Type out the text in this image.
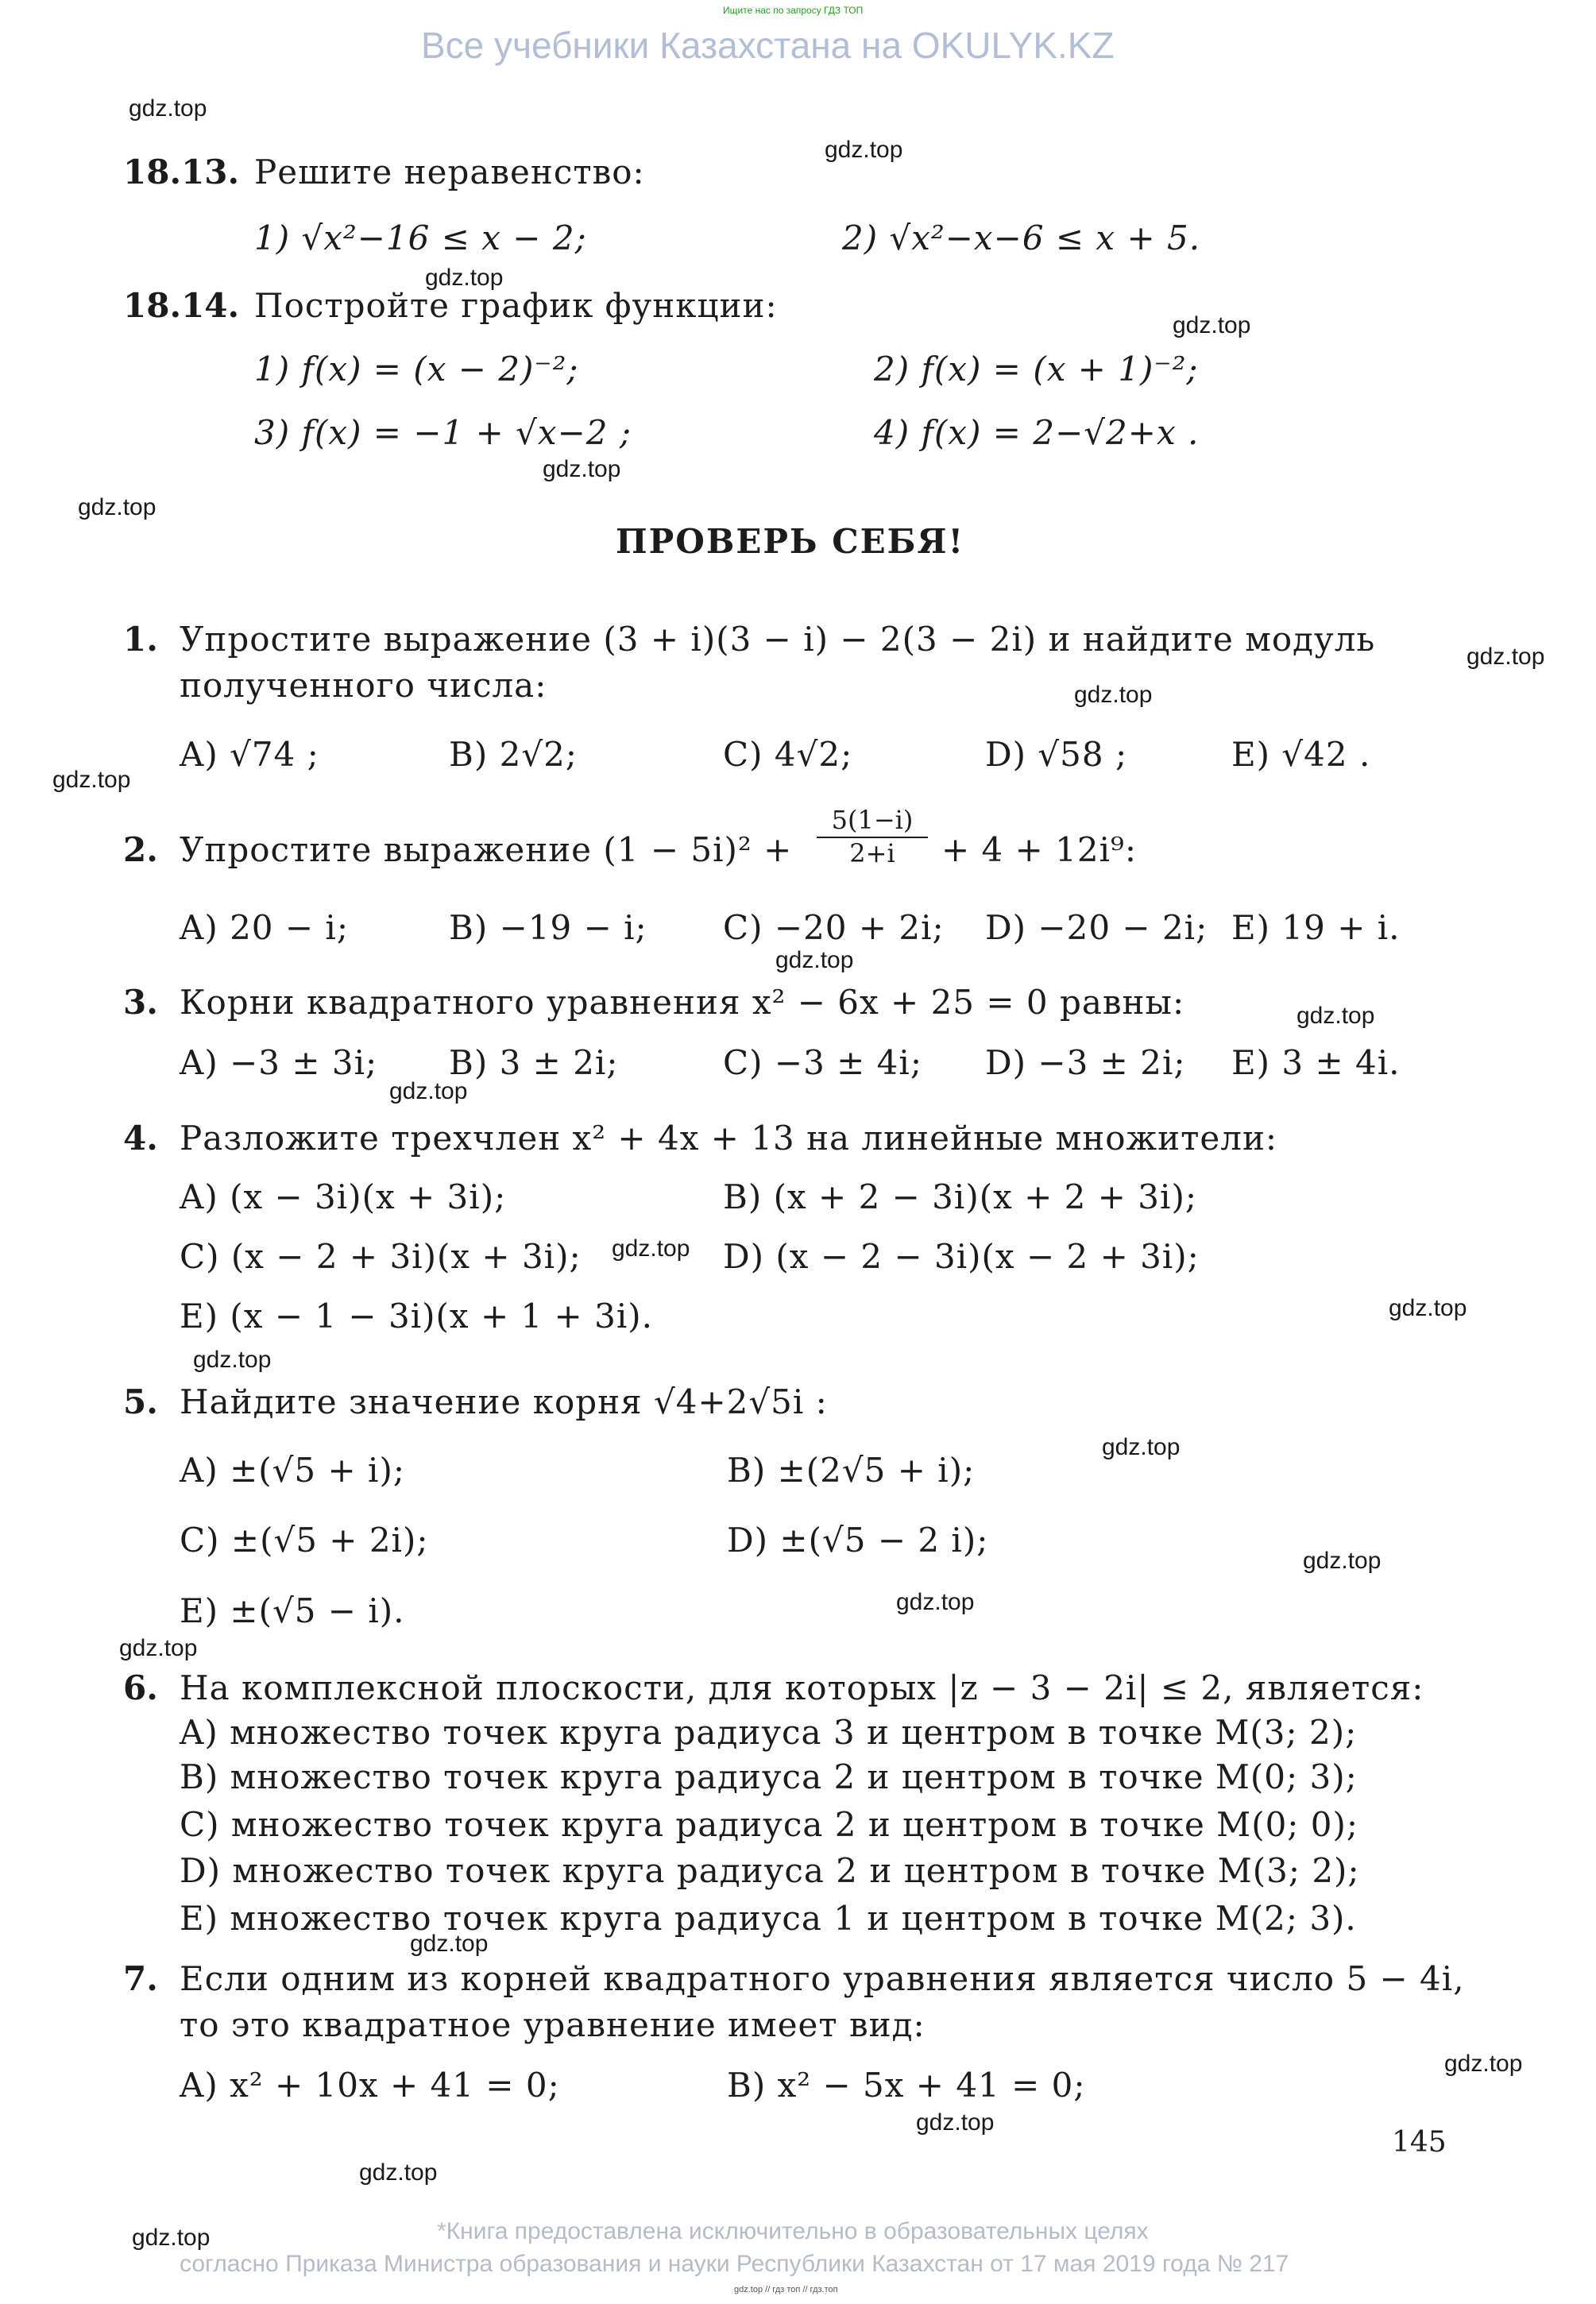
Ищите нас по запросу ГДЗ ТОП
Все учебники Казахстана на OKULYK.KZ
gdz.top
gdz.top
gdz.top
gdz.top
gdz.top
gdz.top
gdz.top
gdz.top
gdz.top
gdz.top
gdz.top
gdz.top
gdz.top
gdz.top
gdz.top
gdz.top
gdz.top
gdz.top
gdz.top
gdz.top
gdz.top
gdz.top
gdz.top
gdz.top
18.13. Решите неравенство:
1) √x²−16 ≤ x − 2;	2) √x²−x−6 ≤ x + 5.
18.14. Постройте график функции:
1) f(x) = (x − 2)⁻²;	2) f(x) = (x + 1)⁻²;
3) f(x) = −1 + √x−2 ;	4) f(x) = 2−√2+x .
ПРОВЕРЬ СЕБЯ!
1. Упростите выражение (3 + i)(3 − i) − 2(3 − 2i) и найдите модуль
полученного числа:
A) √74 ;	B) 2√2;	C) 4√2;	D) √58 ;	E) √42 .
2. Упростите выражение $(1 - 5i)^2 + \frac{5(1-i)}{2+i} + 4 + 12i^9$:
A) 20 − i;	B) −19 − i; C) −20 + 2i; D) −20 − 2i; E) 19 + i.
3. Корни квадратного уравнения x² − 6x + 25 = 0 равны:
A) −3 ± 3i; B) 3 ± 2i;	C) −3 ± 4i; D) −3 ± 2i; E) 3 ± 4i.
4. Разложите трехчлен x² + 4x + 13 на линейные множители:
A) (x − 3i)(x + 3i);	B) (x + 2 − 3i)(x + 2 + 3i);
C) (x − 2 + 3i)(x + 3i);	D) (x − 2 − 3i)(x − 2 + 3i);
E) (x − 1 − 3i)(x + 1 + 3i).
5. Найдите значение корня √4+2√5i :
A) ±(√5 + i);	B) ±(2√5 + i);
C) ±(√5 + 2i);	D) ±(√5 − 2 i);
E) ±(√5 − i).
6. На комплексной плоскости, для которых |z − 3 − 2i| ≤ 2, является:
A) множество точек круга радиуса 3 и центром в точке M(3; 2);
B) множество точек круга радиуса 2 и центром в точке M(0; 3);
C) множество точек круга радиуса 2 и центром в точке M(0; 0);
D) множество точек круга радиуса 2 и центром в точке M(3; 2);
E) множество точек круга радиуса 1 и центром в точке M(2; 3).
7. Если одним из корней квадратного уравнения является число 5 − 4i,
то это квадратное уравнение имеет вид:
A) x² + 10x + 41 = 0;	B) x² − 5x + 41 = 0;
145
*Книга предоставлена исключительно в образовательных целях
согласно Приказа Министра образования и науки Республики Казахстан от 17 мая 2019 года № 217
gdz.top // гдз топ // гдз.топ
